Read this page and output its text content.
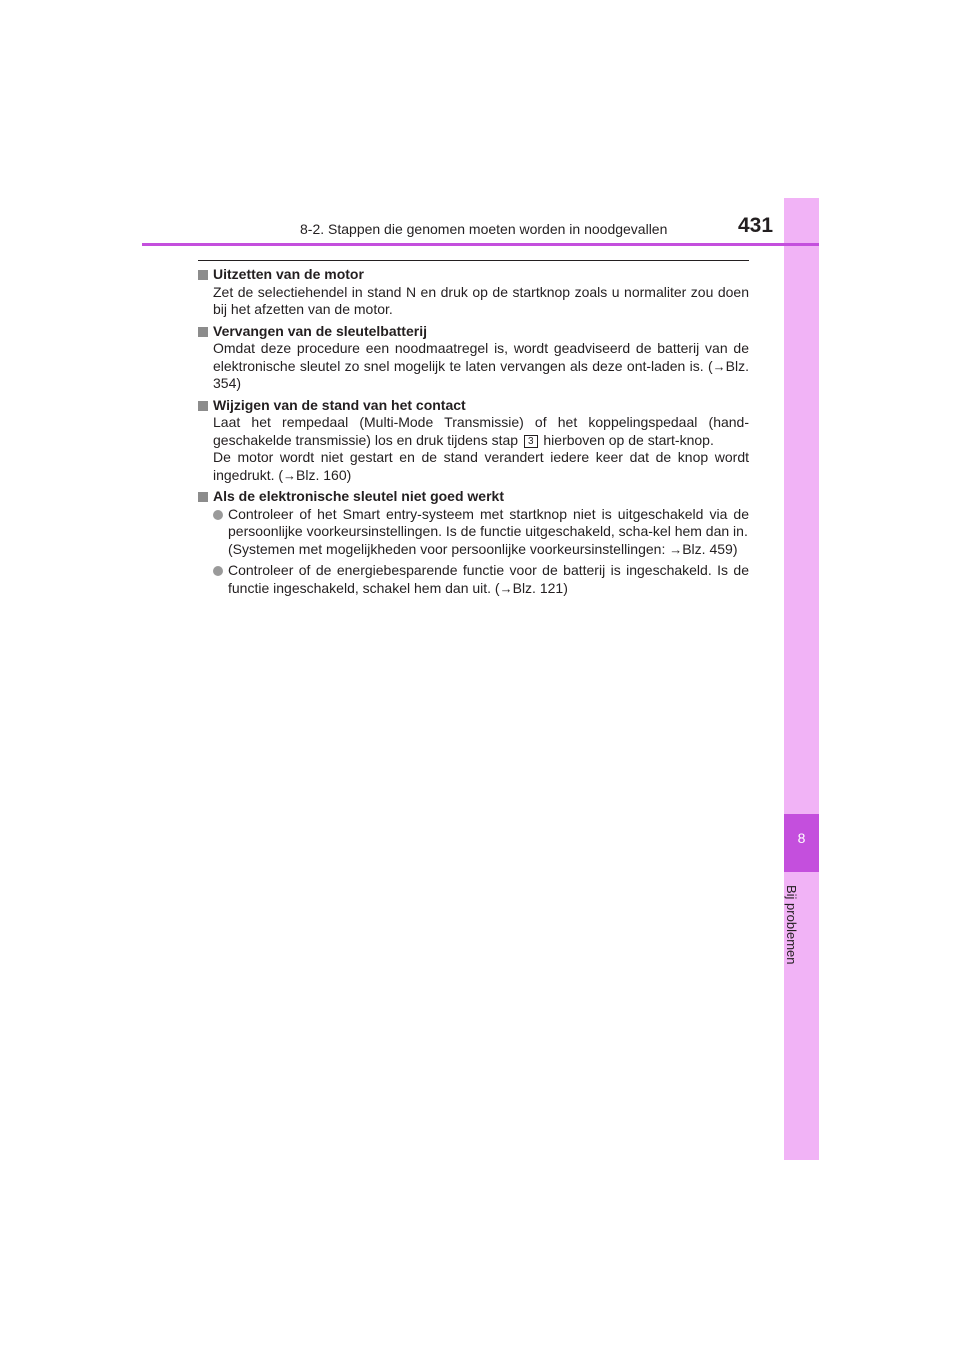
8
Bij problemen
8-2. Stappen die genomen moeten worden in noodgevallen	431
Uitzetten van de motor

Zet de selectiehendel in stand N en druk op de startknop zoals u normaliter zou doen bij het afzetten van de motor.

Vervangen van de sleutelbatterij

Omdat deze procedure een noodmaatregel is, wordt geadviseerd de batterij van de elektronische sleutel zo snel mogelijk te laten vervangen als deze ont-laden is. (→Blz. 354)

Wijzigen van de stand van het contact

Laat het rempedaal (Multi-Mode Transmissie) of het koppelingspedaal (hand-geschakelde transmissie) los en druk tijdens stap 3 hierboven op de start-knop.

De motor wordt niet gestart en de stand verandert iedere keer dat de knop wordt ingedrukt. (→Blz. 160)

Als de elektronische sleutel niet goed werkt

Controleer of het Smart entry-systeem met startknop niet is uitgeschakeld via de persoonlijke voorkeursinstellingen. Is de functie uitgeschakeld, scha-kel hem dan in.

(Systemen met mogelijkheden voor persoonlijke voorkeursinstellingen: →Blz. 459)

Controleer of de energiebesparende functie voor de batterij is ingeschakeld. Is de functie ingeschakeld, schakel hem dan uit. (→Blz. 121)
